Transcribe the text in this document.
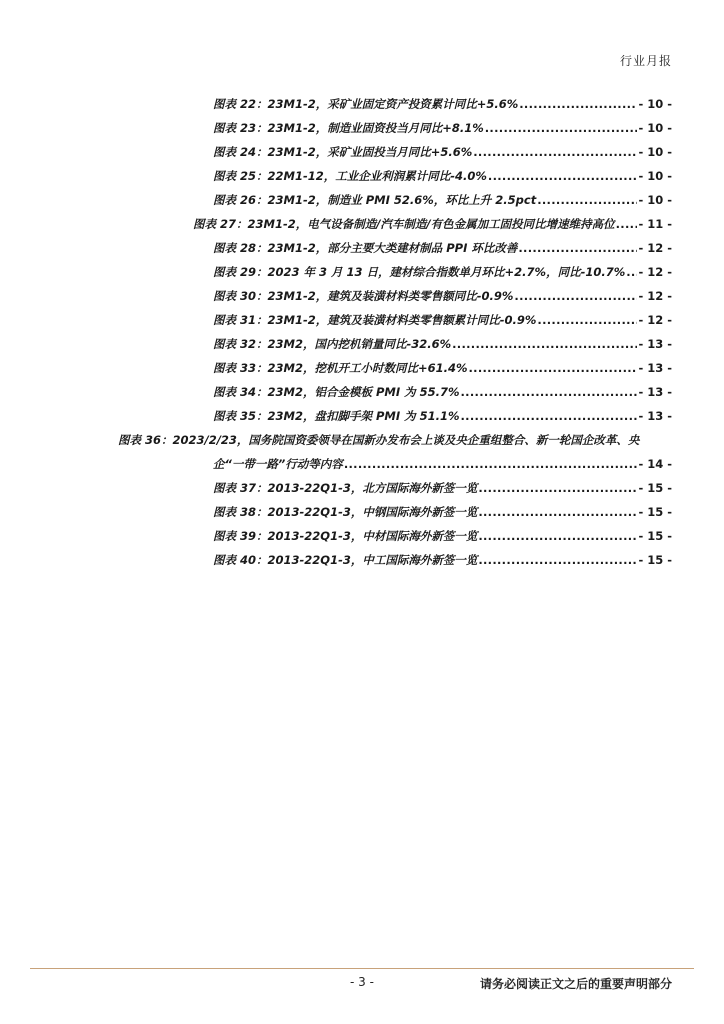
行业月报
图表 22：23M1-2，采矿业固定资产投资累计同比+5.6% .....	- 10 -
图表 23：23M1-2，制造业固资投当月同比+8.1% .....	- 10 -
图表 24：23M1-2，采矿业固投当月同比+5.6% .....	- 10 -
图表 25：22M1-12，工业企业利润累计同比-4.0% .....	- 10 -
图表 26：23M1-2，制造业 PMI 52.6%，环比上升 2.5pct .....	- 10 -
图表 27：23M1-2，电气设备制造/汽车制造/有色金属加工固投同比增速维持高位 ..... - 11 -
图表 28：23M1-2，部分主要大类建材制品 PPI 环比改善 .....	- 12 -
图表 29：2023 年 3 月 13 日，建材综合指数单月环比+2.7%，同比-10.7% ..... - 12 -
图表 30：23M1-2，建筑及装潢材料类零售额同比-0.9% .....	- 12 -
图表 31：23M1-2，建筑及装潢材料类零售额累计同比-0.9% .....	- 12 -
图表 32：23M2，国内挖机销量同比-32.6% .....	- 13 -
图表 33：23M2，挖机开工小时数同比+61.4% .....	- 13 -
图表 34：23M2，铝合金模板 PMI 为 55.7% .....	- 13 -
图表 35：23M2，盘扣脚手架 PMI 为 51.1% .....	- 13 -
图表 36：2023/2/23，国务院国资委领导在国新办发布会上谈及央企重组整合、新一轮国企改革、央
企“一带一路”行动等内容 .....	- 14 -
图表 37：2013-22Q1-3，北方国际海外新签一览 .....	- 15 -
图表 38：2013-22Q1-3，中钢国际海外新签一览 .....	- 15 -
图表 39：2013-22Q1-3，中材国际海外新签一览 .....	- 15 -
图表 40：2013-22Q1-3，中工国际海外新签一览 .....	- 15 -
- 3 -	请务必阅读正文之后的重要声明部分
